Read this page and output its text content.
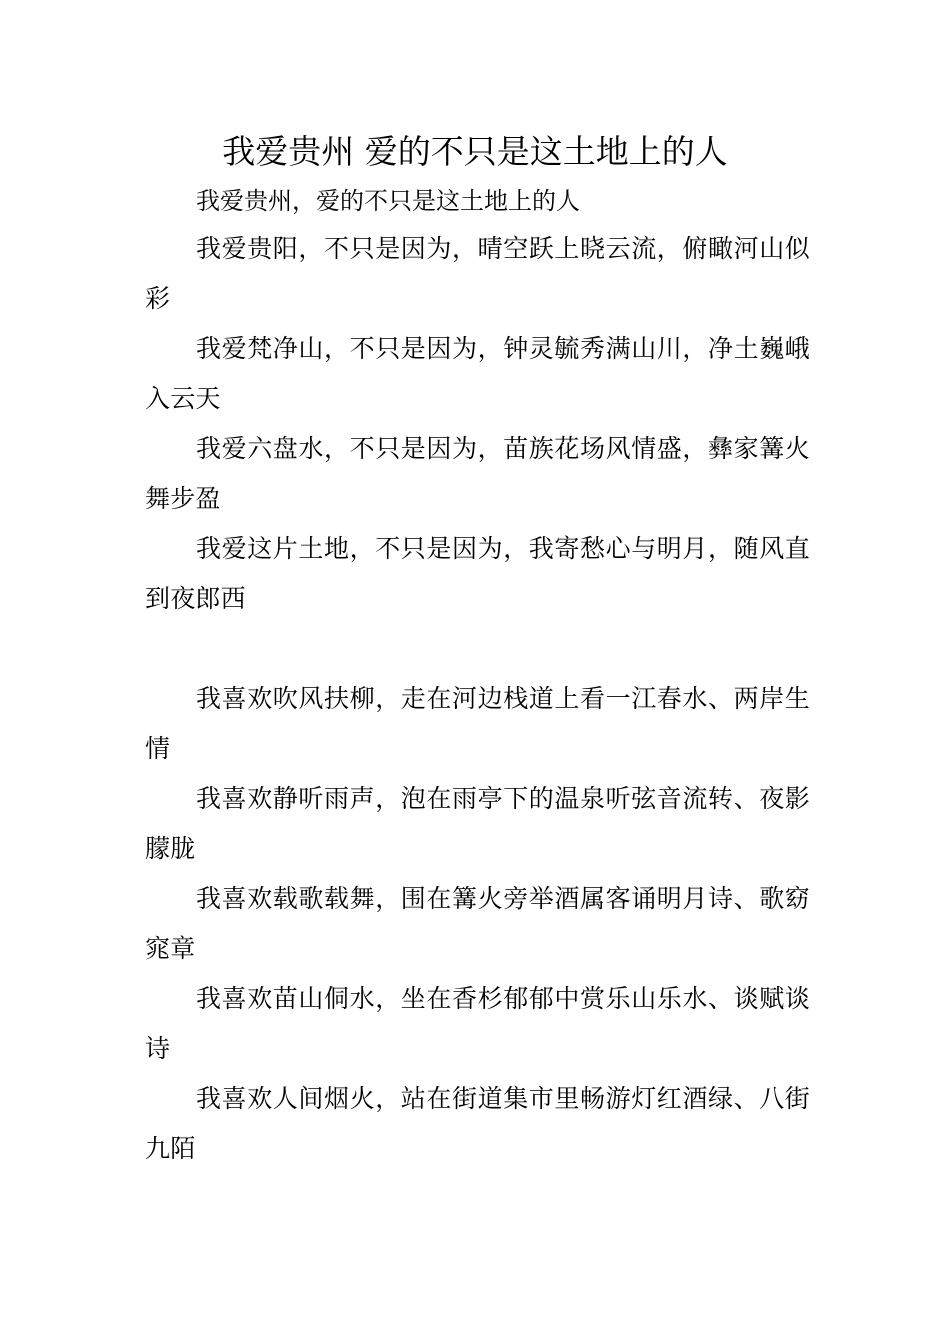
我爱贵州 爱的不只是这土地上的人

我爱贵州，爱的不只是这土地上的人

我爱贵阳，不只是因为，晴空跃上晓云流，俯瞰河山似彩

我爱梵净山，不只是因为，钟灵毓秀满山川，净土巍峨入云天

我爱六盘水，不只是因为，苗族花场风情盛，彝家篝火舞步盈

我爱这片土地，不只是因为，我寄愁心与明月，随风直到夜郎西

我喜欢吹风扶柳，走在河边栈道上看一江春水、两岸生情

我喜欢静听雨声，泡在雨亭下的温泉听弦音流转、夜影朦胧

我喜欢载歌载舞，围在篝火旁举酒属客诵明月诗、歌窈窕章

我喜欢苗山侗水，坐在香杉郁郁中赏乐山乐水、谈赋谈诗

我喜欢人间烟火，站在街道集市里畅游灯红酒绿、八街九陌
